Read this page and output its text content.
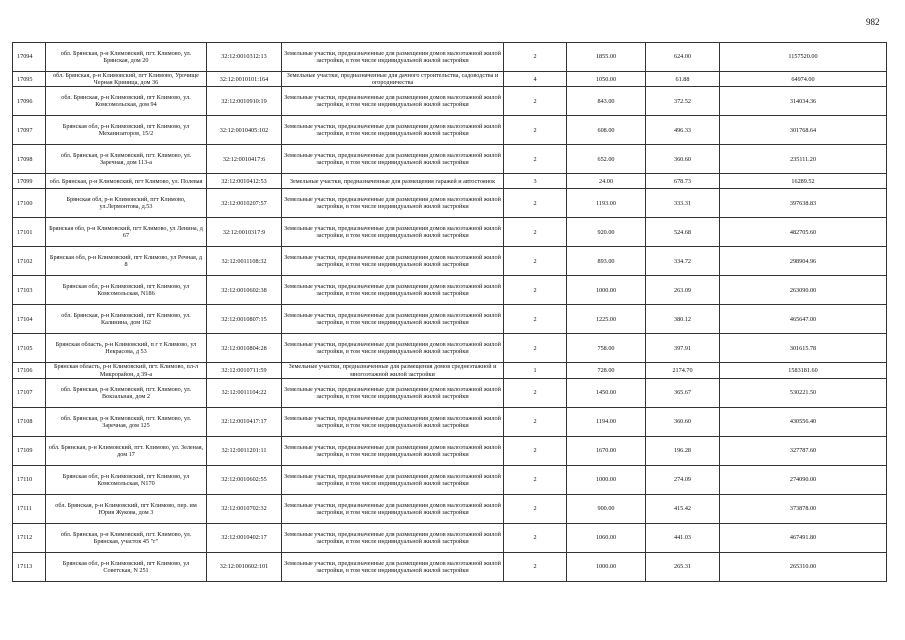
982
17094	обл. Брянская, р-н Климовский, пгт. Климово, ул. Брянская, дом 20	32:12:0010312:13	Земельные участки, предназначенные для размещения домов малоэтажной жилой застройки, в том числе индивидуальной жилой застройки	2	1855.00	624.00	1157520.00
17095	обл. Брянская, р-н Климовский, пгт Климово, Урочище Черная Криница, дом 36	32:12:0010101:164	Земельные участки, предназначенные для дачного строительства, садоводства и огородничества	4	1050.00	61.88	64974.00
17096	обл. Брянская, р-н Климовский, пгт Климово, ул. Комсомольская, дом 94	32:12:0010910:19	Земельные участки, предназначенные для размещения домов малоэтажной жилой застройки, в том числе индивидуальной жилой застройки	2	843.00	372.52	314034.36
17097	Брянская обл, р-н Климовский, пгт Климово, ул Механизаторов, 15/2	32:12:0010405:102	Земельные участки, предназначенные для размещения домов малоэтажной жилой застройки, в том числе индивидуальной жилой застройки	2	608.00	496.33	301768.64
17098	обл. Брянская, р-н Климовский, пгт. Климово, ул. Заречная, дом 113-а	32:12:0010417:6	Земельные участки, предназначенные для размещения домов малоэтажной жилой застройки, в том числе индивидуальной жилой застройки	2	652.00	360.60	235111.20
17099	обл. Брянская, р-н Климовский, пгт Климово, ул. Полевая	32:12:0010412:53	Земельные участки, предназначенные для размещения гаражей и автостоянок	3	24.00	678.73	16289.52
17100	Брянская обл, р-н Климовский, пгт Климово, ул.Лермонтова, д.53	32:12:0010207:57	Земельные участки, предназначенные для размещения домов малоэтажной жилой застройки, в том числе индивидуальной жилой застройки	2	1193.00	333.31	397638.83
17101	Брянская обл, р-н Климовский, пгт Климово, ул Ленина, д 67	32:12:0010317:9	Земельные участки, предназначенные для размещения домов малоэтажной жилой застройки, в том числе индивидуальной жилой застройки	2	920.00	524.68	482705.60
17102	Брянская обл, р-н Климовский, пгт Климово, ул Речная, д 8	32:12:0011108:32	Земельные участки, предназначенные для размещения домов малоэтажной жилой застройки, в том числе индивидуальной жилой застройки	2	893.00	334.72	298904.96
17103	Брянская обл, р-н Климовский, пгт Климово, ул Комсомольская, N186	32:12:0010602:38	Земельные участки, предназначенные для размещения домов малоэтажной жилой застройки, в том числе индивидуальной жилой застройки	2	1000.00	263.09	263090.00
17104	обл. Брянская, р-н Климовский, пгт Климово, ул. Калинина, дом 162	32:12:0010807:15	Земельные участки, предназначенные для размещения домов малоэтажной жилой застройки, в том числе индивидуальной жилой застройки	2	1225.00	380.12	465647.00
17105	Брянская область, р-н Климовский, п г т Климово, ул Некрасова, д 53	32:12:0010804:28	Земельные участки, предназначенные для размещения домов малоэтажной жилой застройки, в том числе индивидуальной жилой застройки	2	758.00	397.91	301615.78
17106	Брянская область, р-н Климовский, пгт. Климово, пл-л Микрорайон, д 39-а	32:12:0010711:59	Земельные участки, предназначенные для размещения домов среднеэтажной и многоэтажной жилой застройки	1	728.00	2174.70	1583181.60
17107	обл. Брянская, р-н Климовский, пгт. Климово, ул. Вокзальная, дом 2	32:12:0011104:22	Земельные участки, предназначенные для размещения домов малоэтажной жилой застройки, в том числе индивидуальной жилой застройки	2	1450.00	365.67	530221.50
17108	обл. Брянская, р-н Климовский, пгт. Климово, ул. Заречная, дом 125	32:12:0010417:17	Земельные участки, предназначенные для размещения домов малоэтажной жилой застройки, в том числе индивидуальной жилой застройки	2	1194.00	360.60	430556.40
17109	обл. Брянская, р-н Климовский, пгт. Климово, ул. Зеленая, дом 17	32:12:0011201:11	Земельные участки, предназначенные для размещения домов малоэтажной жилой застройки, в том числе индивидуальной жилой застройки	2	1670.00	196.28	327787.60
17110	Брянская обл, р-н Климовский, пгт Климово, ул Комсомольская, N170	32:12:0010602:55	Земельные участки, предназначенные для размещения домов малоэтажной жилой застройки, в том числе индивидуальной жилой застройки	2	1000.00	274.09	274090.00
17111	обл. Брянская, р-н Климовский, пгт Климово, пер. им Юрия Жукова, дом 3	32:12:0010702:32	Земельные участки, предназначенные для размещения домов малоэтажной жилой застройки, в том числе индивидуальной жилой застройки	2	900.00	415.42	373878.00
17112	обл. Брянская, р-н Климовский, пгт. Климово, ул. Брянская, участок 45 "г"	32:12:0010402:17	Земельные участки, предназначенные для размещения домов малоэтажной жилой застройки, в том числе индивидуальной жилой застройки	2	1060.00	441.03	467491.80
17113	Брянская обл, р-н Климовский, пгт Климово, ул Советская, N 251	32:12:0010602:101	Земельные участки, предназначенные для размещения домов малоэтажной жилой застройки, в том числе индивидуальной жилой застройки	2	1000.00	265.31	265310.00
